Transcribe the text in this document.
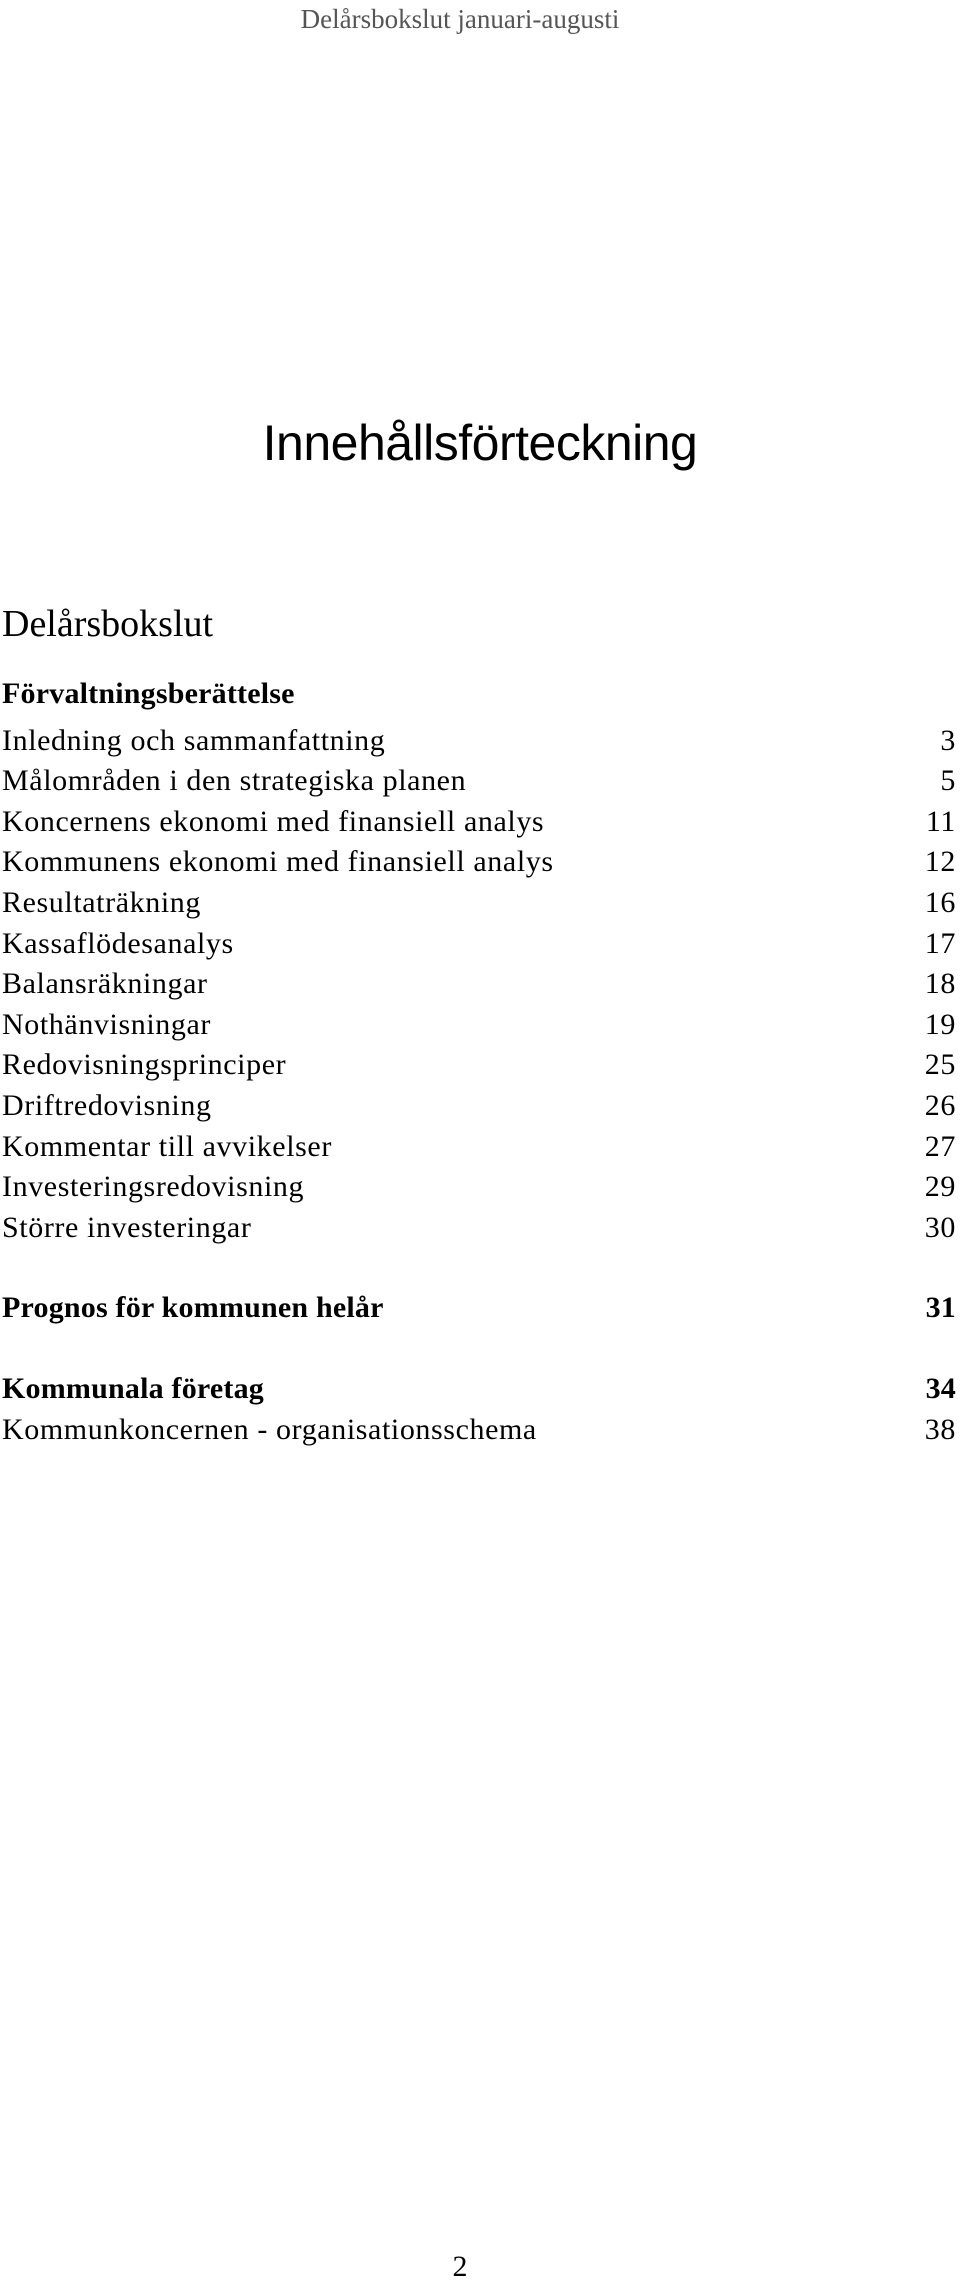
Delårsbokslut januari-augusti
Innehållsförteckning
Delårsbokslut
Förvaltningsberättelse
Inledning och sammanfattning	3
Målområden i den strategiska planen	5
Koncernens ekonomi med finansiell analys	11
Kommunens ekonomi med finansiell analys	12
Resultaträkning	16
Kassaflödesanalys	17
Balansräkningar	18
Nothänvisningar	19
Redovisningsprinciper	25
Driftredovisning	26
Kommentar till avvikelser	27
Investeringsredovisning	29
Större investeringar	30
Prognos för kommunen helår	31
Kommunala företag	34
Kommunkoncernen - organisationsschema	38
2
